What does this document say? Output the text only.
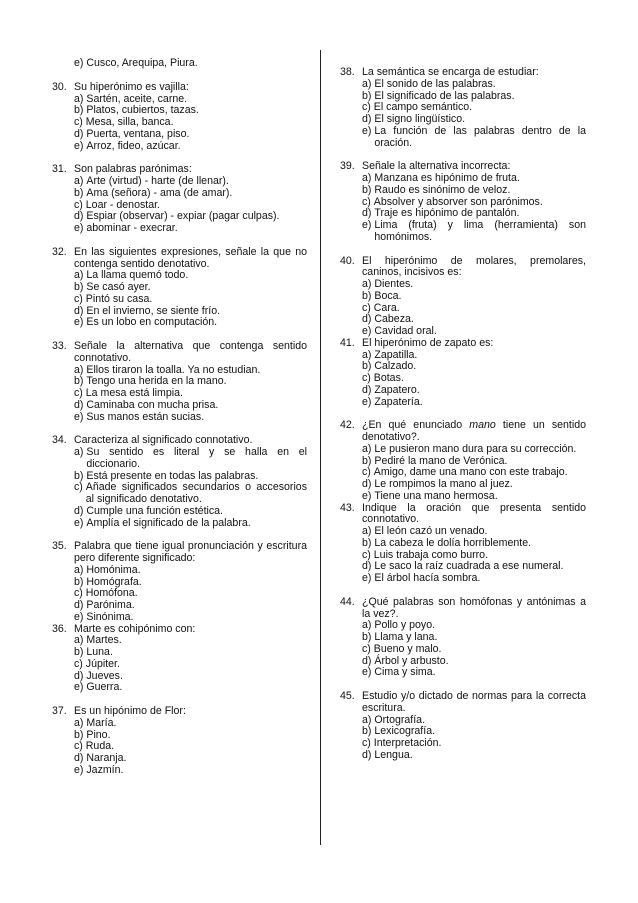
e)
Cusco, Arequipa, Piura.
30. Su hiperónimo es vajilla:
a)
Sartén, aceite, carne.
b)
Platos, cubiertos, tazas.
c)
Mesa, silla, banca.
d)
Puerta, ventana, piso.
e)
Arroz, fideo, azúcar.
31. Son palabras parónimas:
a)
Arte (virtud) - harte (de llenar).
b)
Ama (señora) - ama (de amar).
c)
Loar - denostar.
d)
Espiar (observar) - expiar (pagar culpas).
e)
abominar - execrar.
32. En las siguientes expresiones, señale la que no contenga sentido denotativo.
a)
La llama quemó todo.
b)
Se casó ayer.
c)
Pintó su casa.
d)
En el invierno, se siente frío.
e)
Es un lobo en computación.
33. Señale la alternativa que contenga sentido connotativo.
a)
Ellos tiraron la toalla. Ya no estudian.
b)
Tengo una herida en la mano.
c)
La mesa está limpia.
d)
Caminaba con mucha prisa.
e)
Sus manos están sucias.
34. Caracteriza al significado connotativo.
a)
Su sentido es literal y se halla en el diccionario.
b)
Está presente en todas las palabras.
c)
Añade significados secundarios o accesorios al significado denotativo.
d)
Cumple una función estética.
e)
Amplía el significado de la palabra.
35. Palabra que tiene igual pronunciación y escritura pero diferente significado:
a)
Homónima.
b)
Homógrafa.
c)
Homófona.
d)
Parónima.
e)
Sinónima.
36. Marte es cohipónimo con:
a)
Martes.
b)
Luna.
c)
Júpiter.
d)
Jueves.
e)
Guerra.
37. Es un hipónimo de Flor:
a)
María.
b)
Pino.
c)
Ruda.
d)
Naranja.
e)
Jazmín.
38. La semántica se encarga de estudiar:
a)
El sonido de las palabras.
b)
El significado de las palabras.
c)
El campo semántico.
d)
El signo lingüístico.
e)
La función de las palabras dentro de la oración.
39. Señale la alternativa incorrecta:
a)
Manzana es hipónimo de fruta.
b)
Raudo es sinónimo de veloz.
c)
Absolver y absorver son parónimos.
d)
Traje es hipónimo de pantalón.
e)
Lima (fruta) y lima (herramienta) son homónimos.
40. El hiperónimo de molares, premolares, caninos, incisivos es:
a)
Dientes.
b)
Boca.
c)
Cara.
d)
Cabeza.
e)
Cavidad oral.
41. El hiperónimo de zapato es:
a)
Zapatilla.
b)
Calzado.
c)
Botas.
d)
Zapatero.
e)
Zapatería.
42. ¿En qué enunciado mano tiene un sentido denotativo?.
a)
Le pusieron mano dura para su corrección.
b)
Pediré la mano de Verónica.
c)
Amigo, dame una mano con este trabajo.
d)
Le rompimos la mano al juez.
e)
Tiene una mano hermosa.
43. Indique la oración que presenta sentido connotativo.
a)
El león cazó un venado.
b)
La cabeza le dolía horriblemente.
c)
Luis trabaja como burro.
d)
Le saco la raíz cuadrada a ese numeral.
e)
El árbol hacía sombra.
44. ¿Qué palabras son homófonas y antónimas a la vez?.
a)
Pollo y poyo.
b)
Llama y lana.
c)
Bueno y malo.
d)
Árbol y arbusto.
e)
Cima y sima.
45. Estudio y/o dictado de normas para la correcta escritura.
a)
Ortografía.
b)
Lexicografía.
c)
Interpretación.
d)
Lengua.
